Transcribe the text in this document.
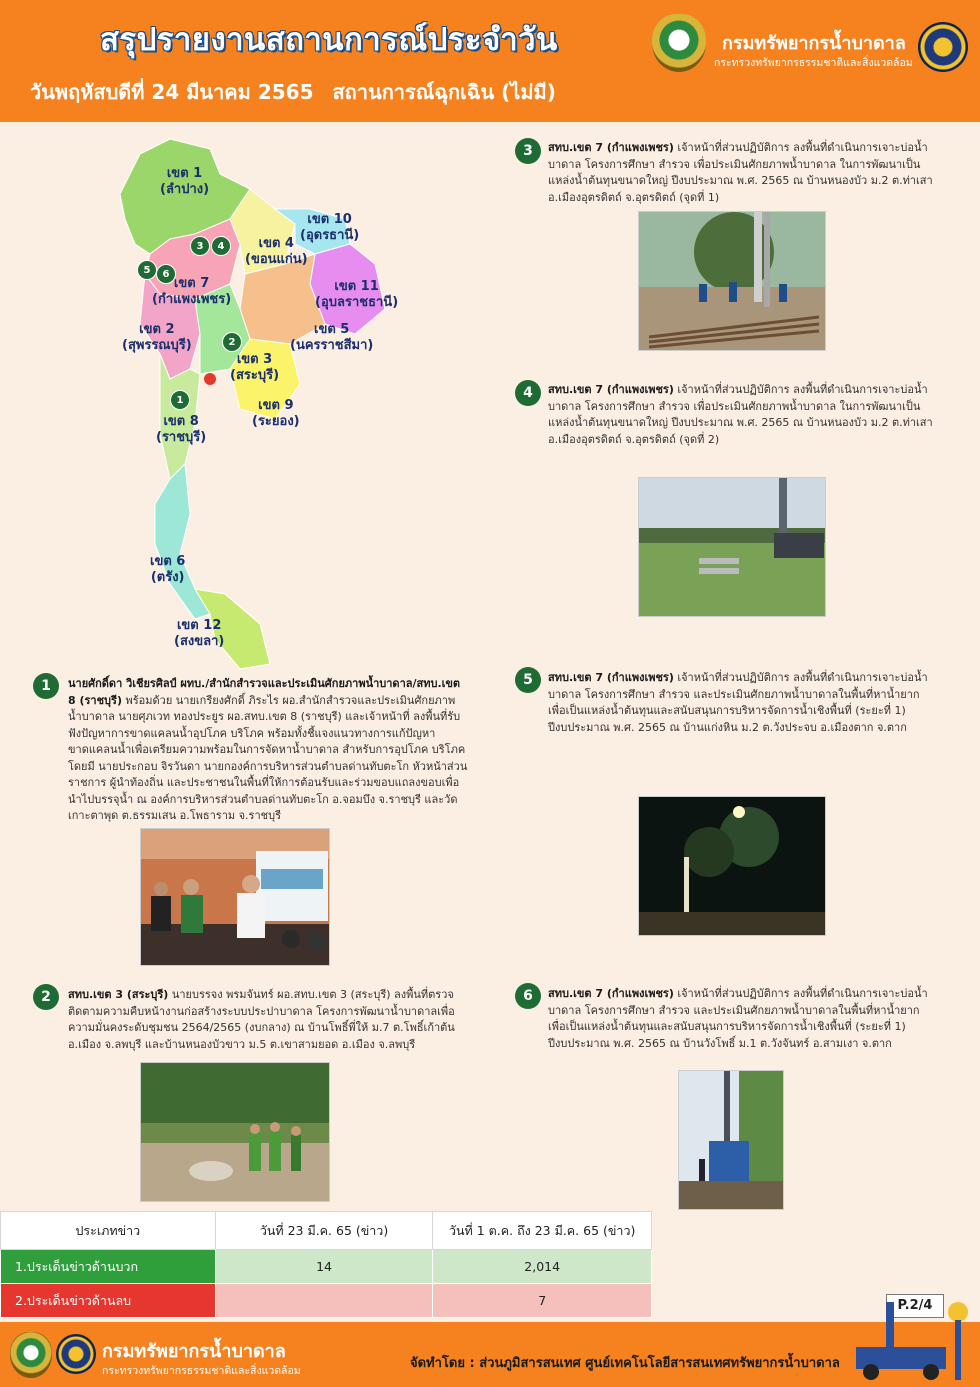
สรุปรายงานสถานการณ์ประจำวัน
วันพฤหัสบดีที่ 24 มีนาคม 2565 สถานการณ์ฉุกเฉิน (ไม่มี)
กรมทรัพยากรน้ำบาดาล
กระทรวงทรัพยากรธรรมชาติและสิ่งแวดล้อม
เขต 1
(ลำปาง)
เขต 10
(อุดรธานี)
เขต 4
(ขอนแก่น)
เขต 7
(กำแพงเพชร)
เขต 11
(อุบลราชธานี)
เขต 2
(สุพรรณบุรี)
เขต 5
(นครราชสีมา)
เขต 3
(สระบุรี)
เขต 9
(ระยอง)
เขต 8
(ราชบุรี)
เขต 6
(ตรัง)
เขต 12
(สงขลา)
1
2
3	4
5	6
1	นายศักดิ์ดา วิเชียรศิลป์ ผทบ./สำนักสำรวจและประเมินศักยภาพน้ำบาดาล/สทบ.เขต 8 (ราชบุรี) พร้อมด้วย นายเกรียงศักดิ์ ภิระไร ผอ.สำนักสำรวจและประเมินศักยภาพน้ำบาดาล นายศุภเวท ทองประยูร ผอ.สทบ.เขต 8 (ราชบุรี) และเจ้าหน้าที่ ลงพื้นที่รับฟังปัญหาการขาดแคลนน้ำอุปโภค บริโภค พร้อมทั้งชี้แจงแนวทางการแก้ปัญหาขาดแคลนน้ำเพื่อเตรียมความพร้อมในการจัดหาน้ำบาดาล สำหรับการอุปโภค บริโภค โดยมี นายประกอบ จิรวันดา นายกองค์การบริหารส่วนตำบลด่านทับตะโก หัวหน้าส่วนราชการ ผู้นำท้องถิ่น และประชาชนในพื้นที่ให้การต้อนรับและร่วมขอบแถลงขอบเพื่อนำไปบรรจุน้ำ ณ องค์การบริหารส่วนตำบลด่านทับตะโก อ.จอมบึง จ.ราชบุรี และวัดเกาะตาพุด ต.ธรรมเสน อ.โพธาราม จ.ราชบุรี
2	สทบ.เขต 3 (สระบุรี) นายบรรจง พรมจันทร์ ผอ.สทบ.เขต 3 (สระบุรี) ลงพื้นที่ตรวจติดตามความคืบหน้างานก่อสร้างระบบประปาบาดาล โครงการพัฒนาน้ำบาดาลเพื่อความมั่นคงระดับชุมชน 2564/2565 (งบกลาง) ณ บ้านโพธิ์พี่ให้ ม.7 ต.โพธิ์เก้าต้น อ.เมือง จ.ลพบุรี และบ้านหนองบัวขาว ม.5 ต.เขาสามยอด อ.เมือง จ.ลพบุรี
3	สทบ.เขต 7 (กำแพงเพชร) เจ้าหน้าที่ส่วนปฏิบัติการ ลงพื้นที่ดำเนินการเจาะบ่อน้ำบาดาล โครงการศึกษา สำรวจ เพื่อประเมินศักยภาพน้ำบาดาล ในการพัฒนาเป็นแหล่งน้ำต้นทุนขนาดใหญ่ ปีงบประมาณ พ.ศ. 2565 ณ บ้านหนองบัว ม.2 ต.ท่าเสา อ.เมืองอุตรดิตถ์ จ.อุตรดิตถ์ (จุดที่ 1)
4	สทบ.เขต 7 (กำแพงเพชร) เจ้าหน้าที่ส่วนปฏิบัติการ ลงพื้นที่ดำเนินการเจาะบ่อน้ำบาดาล โครงการศึกษา สำรวจ เพื่อประเมินศักยภาพน้ำบาดาล ในการพัฒนาเป็นแหล่งน้ำต้นทุนขนาดใหญ่ ปีงบประมาณ พ.ศ. 2565 ณ บ้านหนองบัว ม.2 ต.ท่าเสา อ.เมืองอุตรดิตถ์ จ.อุตรดิตถ์ (จุดที่ 2)
5	สทบ.เขต 7 (กำแพงเพชร) เจ้าหน้าที่ส่วนปฏิบัติการ ลงพื้นที่ดำเนินการเจาะบ่อน้ำบาดาล โครงการศึกษา สำรวจ และประเมินศักยภาพน้ำบาดาลในพื้นที่หาน้ำยาก เพื่อเป็นแหล่งน้ำต้นทุนและสนับสนุนการบริหารจัดการน้ำเชิงพื้นที่ (ระยะที่ 1) ปีงบประมาณ พ.ศ. 2565 ณ บ้านแก่งหิน ม.2 ต.วังประจบ อ.เมืองตาก จ.ตาก
6	สทบ.เขต 7 (กำแพงเพชร) เจ้าหน้าที่ส่วนปฏิบัติการ ลงพื้นที่ดำเนินการเจาะบ่อน้ำบาดาล โครงการศึกษา สำรวจ และประเมินศักยภาพน้ำบาดาลในพื้นที่หาน้ำยาก เพื่อเป็นแหล่งน้ำต้นทุนและสนับสนุนการบริหารจัดการน้ำเชิงพื้นที่ (ระยะที่ 1) ปีงบประมาณ พ.ศ. 2565 ณ บ้านวังโพธิ์ ม.1 ต.วังจันทร์ อ.สามเงา จ.ตาก
ประเภทข่าว	วันที่ 23 มี.ค. 65 (ข่าว)	วันที่ 1 ต.ค. ถึง 23 มี.ค. 65 (ข่าว)
1.ประเด็นข่าวด้านบวก	14	2,014
2.ประเด็นข่าวด้านลบ		7	P.2/4
กรมทรัพยากรน้ำบาดาล
กระทรวงทรัพยากรธรรมชาติและสิ่งแวดล้อม	จัดทำโดย : ส่วนภูมิสารสนเทศ ศูนย์เทคโนโลยีสารสนเทศทรัพยากรน้ำบาดาล
